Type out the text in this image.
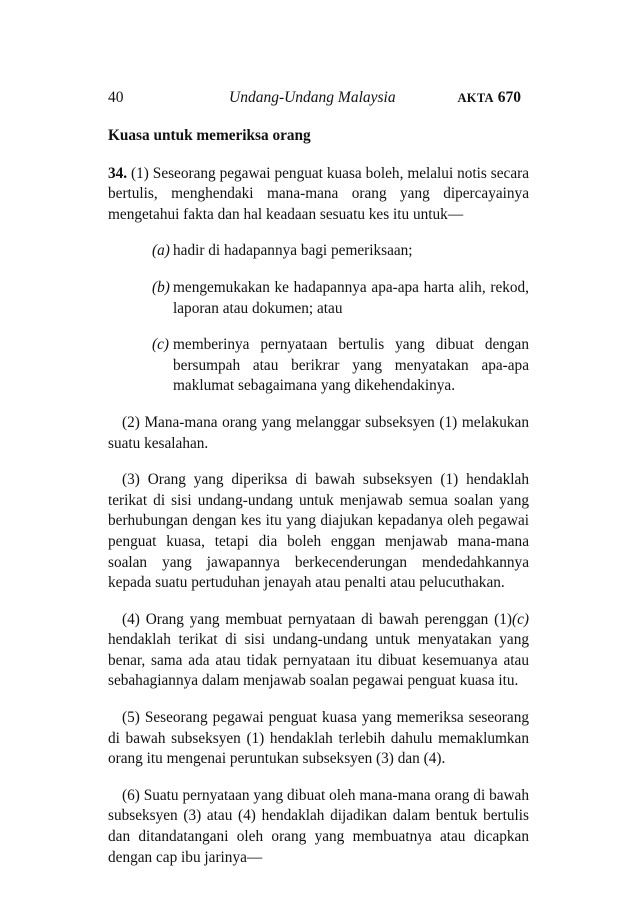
40	Undang-Undang Malaysia	AKTA 670
Kuasa untuk memeriksa orang

34. (1) Seseorang pegawai penguat kuasa boleh, melalui notis secara bertulis, menghendaki mana-mana orang yang dipercayainya mengetahui fakta dan hal keadaan sesuatu kes itu untuk—

(a) hadir di hadapannya bagi pemeriksaan;
(b) mengemukakan ke hadapannya apa-apa harta alih, rekod, laporan atau dokumen; atau
(c) memberinya pernyataan bertulis yang dibuat dengan bersumpah atau berikrar yang menyatakan apa-apa maklumat sebagaimana yang dikehendakinya.

(2) Mana-mana orang yang melanggar subseksyen (1) melakukan suatu kesalahan.

(3) Orang yang diperiksa di bawah subseksyen (1) hendaklah terikat di sisi undang-undang untuk menjawab semua soalan yang berhubungan dengan kes itu yang diajukan kepadanya oleh pegawai penguat kuasa, tetapi dia boleh enggan menjawab mana-mana soalan yang jawapannya berkecenderungan mendedahkannya kepada suatu pertuduhan jenayah atau penalti atau pelucuthakan.

(4) Orang yang membuat pernyataan di bawah perenggan (1)(c) hendaklah terikat di sisi undang-undang untuk menyatakan yang benar, sama ada atau tidak pernyataan itu dibuat kesemuanya atau sebahagiannya dalam menjawab soalan pegawai penguat kuasa itu.

(5) Seseorang pegawai penguat kuasa yang memeriksa seseorang di bawah subseksyen (1) hendaklah terlebih dahulu memaklumkan orang itu mengenai peruntukan subseksyen (3) dan (4).

(6) Suatu pernyataan yang dibuat oleh mana-mana orang di bawah subseksyen (3) atau (4) hendaklah dijadikan dalam bentuk bertulis dan ditandatangani oleh orang yang membuatnya atau dicapkan dengan cap ibu jarinya—
